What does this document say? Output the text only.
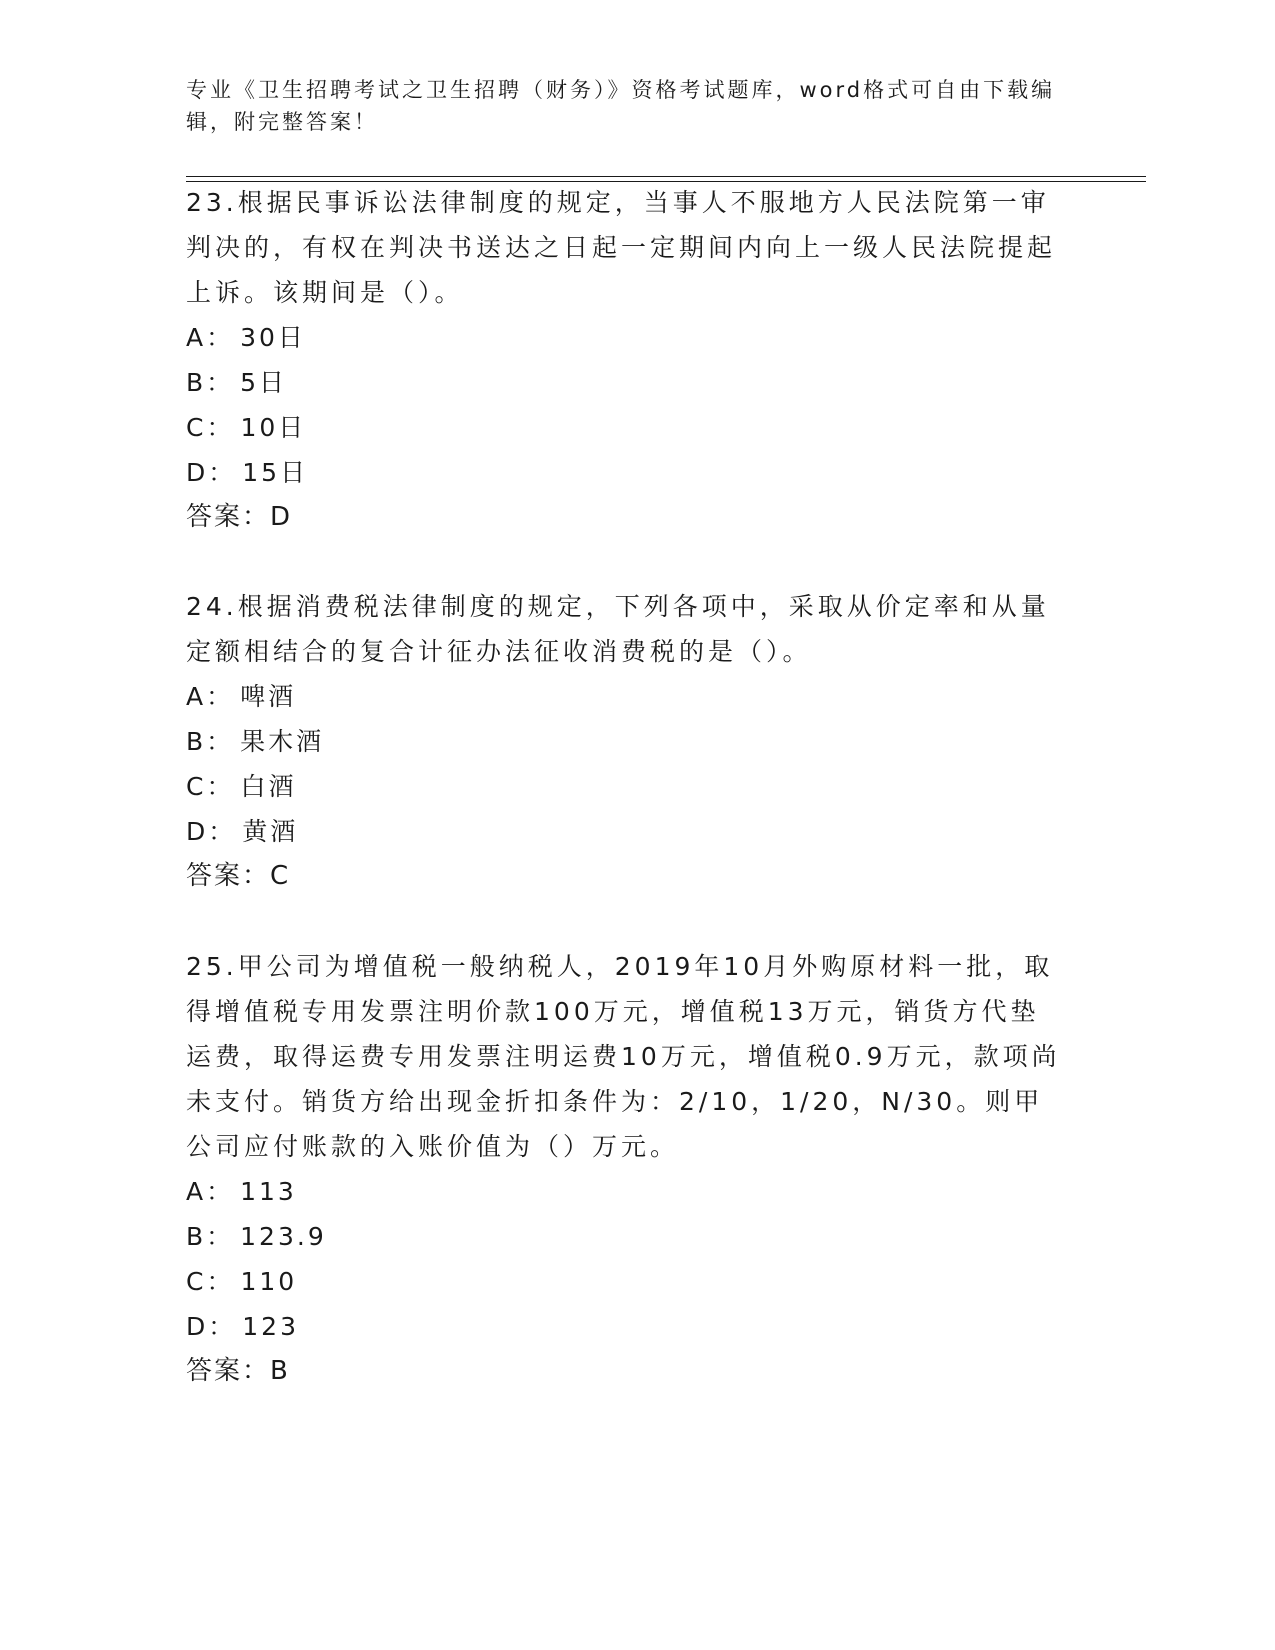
专业《卫生招聘考试之卫生招聘（财务）》资格考试题库，word格式可自由下载编辑，附完整答案！

23.根据民事诉讼法律制度的规定，当事人不服地方人民法院第一审判决的，有权在判决书送达之日起一定期间内向上一级人民法院提起上诉。该期间是（）。

A： 30日

B： 5日

C： 10日

D： 15日

答案：D

24.根据消费税法律制度的规定，下列各项中，采取从价定率和从量定额相结合的复合计征办法征收消费税的是（）。

A： 啤酒

B： 果木酒

C： 白酒

D： 黄酒

答案：C

25.甲公司为增值税一般纳税人，2019年10月外购原材料一批，取得增值税专用发票注明价款100万元，增值税13万元，销货方代垫运费，取得运费专用发票注明运费10万元，增值税0.9万元，款项尚未支付。销货方给出现金折扣条件为：2/10，1/20，N/30。则甲公司应付账款的入账价值为（）万元。

A： 113

B： 123.9

C： 110

D： 123

答案：B
